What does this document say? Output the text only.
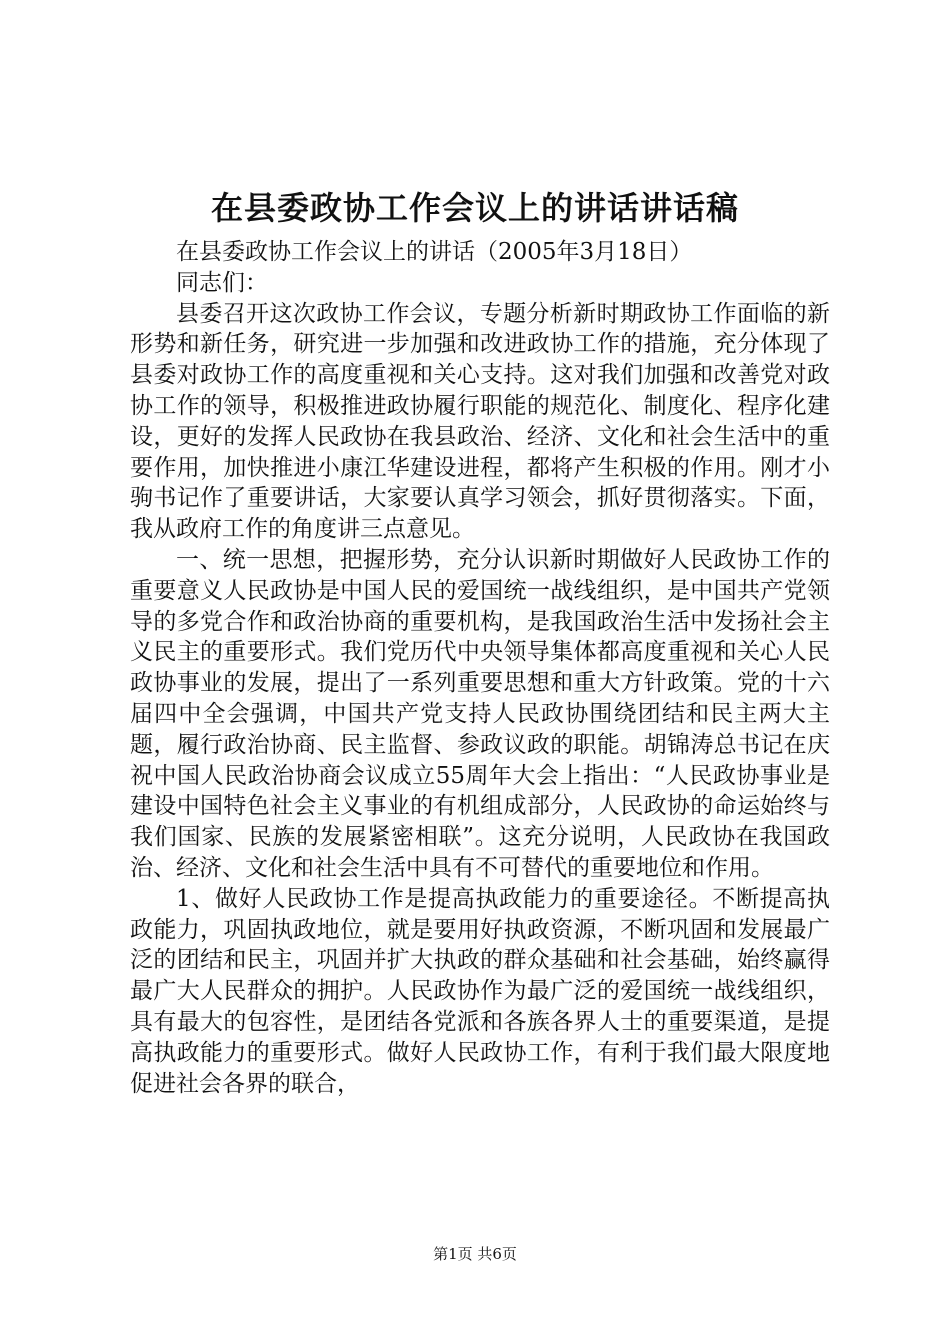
在县委政协工作会议上的讲话讲话稿

在县委政协工作会议上的讲话（2005年3月18日）

同志们：

县委召开这次政协工作会议，专题分析新时期政协工作面临的新形势和新任务，研究进一步加强和改进政协工作的措施，充分体现了县委对政协工作的高度重视和关心支持。这对我们加强和改善党对政协工作的领导，积极推进政协履行职能的规范化、制度化、程序化建设，更好的发挥人民政协在我县政治、经济、文化和社会生活中的重要作用，加快推进小康江华建设进程，都将产生积极的作用。刚才小驹书记作了重要讲话，大家要认真学习领会，抓好贯彻落实。下面，我从政府工作的角度讲三点意见。

一、统一思想，把握形势，充分认识新时期做好人民政协工作的重要意义人民政协是中国人民的爱国统一战线组织，是中国共产党领导的多党合作和政治协商的重要机构，是我国政治生活中发扬社会主义民主的重要形式。我们党历代中央领导集体都高度重视和关心人民政协事业的发展，提出了一系列重要思想和重大方针政策。党的十六届四中全会强调，中国共产党支持人民政协围绕团结和民主两大主题，履行政治协商、民主监督、参政议政的职能。胡锦涛总书记在庆祝中国人民政治协商会议成立55周年大会上指出：“人民政协事业是建设中国特色社会主义事业的有机组成部分，人民政协的命运始终与我们国家、民族的发展紧密相联”。这充分说明，人民政协在我国政治、经济、文化和社会生活中具有不可替代的重要地位和作用。

1、做好人民政协工作是提高执政能力的重要途径。不断提高执政能力，巩固执政地位，就是要用好执政资源，不断巩固和发展最广泛的团结和民主，巩固并扩大执政的群众基础和社会基础，始终赢得最广大人民群众的拥护。人民政协作为最广泛的爱国统一战线组织，具有最大的包容性，是团结各党派和各族各界人士的重要渠道，是提高执政能力的重要形式。做好人民政协工作，有利于我们最大限度地促进社会各界的联合，

第1页 共6页
